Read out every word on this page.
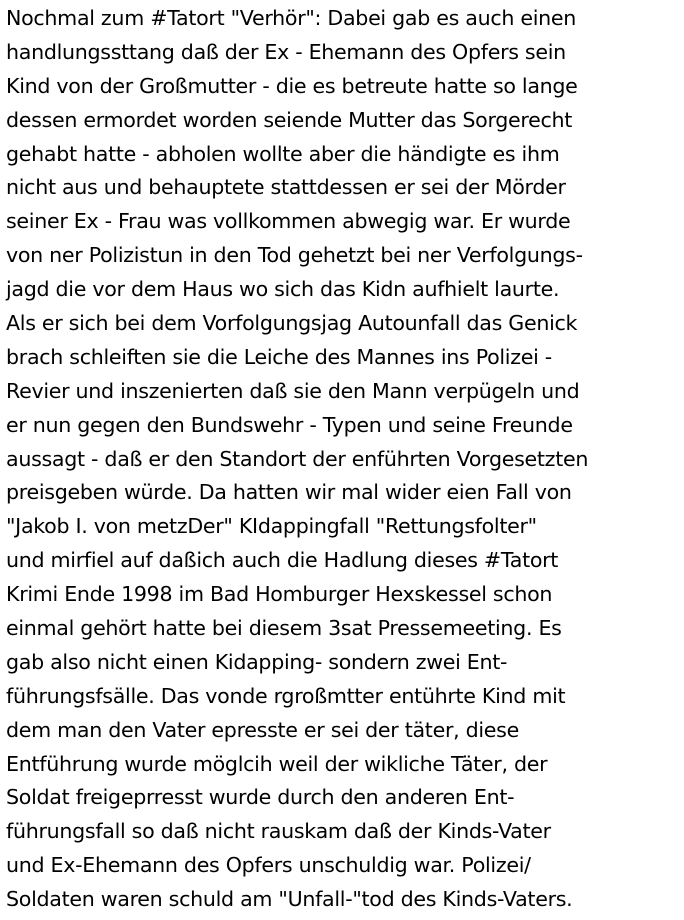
Nochmal zum #Tatort "Verhör": Dabei gab es auch einen
handlungssttang daß der Ex - Ehemann des Opfers sein
Kind von der Großmutter - die es betreute hatte so lange
dessen ermordet worden seiende Mutter das Sorgerecht
gehabt hatte - abholen wollte aber die händigte es ihm
nicht aus und behauptete stattdessen er sei der Mörder
seiner Ex - Frau was vollkommen abwegig war. Er wurde
von ner Polizistun in den Tod gehetzt bei ner Verfolgungs-
jagd die vor dem Haus wo sich das Kidn aufhielt laurte.
Als er sich bei dem Vorfolgungsjag Autounfall das Genick
brach schleiften sie die Leiche des Mannes ins Polizei -
Revier und inszenierten daß sie den Mann verpügeln und
er nun gegen den Bundswehr - Typen und seine Freunde
aussagt - daß er den Standort der enführten Vorgesetzten
preisgeben würde. Da hatten wir mal wider eien Fall von
"Jakob I. von metzDer" KIdappingfall "Rettungsfolter"
und mirfiel auf daßich auch die Hadlung dieses #Tatort
Krimi Ende 1998 im Bad Homburger Hexskessel schon
einmal gehört hatte bei diesem 3sat Pressemeeting. Es
gab also nicht einen Kidapping- sondern zwei Ent-
führungsfsälle. Das vonde rgroßmtter entührte Kind mit
dem man den Vater epresste er sei der täter, diese
Entführung wurde möglcih weil der wikliche Täter, der
Soldat freigeprresst wurde durch den anderen Ent-
führungsfall so daß nicht rauskam daß der Kinds-Vater
und Ex-Ehemann des Opfers unschuldig war. Polizei/
Soldaten waren schuld am "Unfall-"tod des Kinds-Vaters.
